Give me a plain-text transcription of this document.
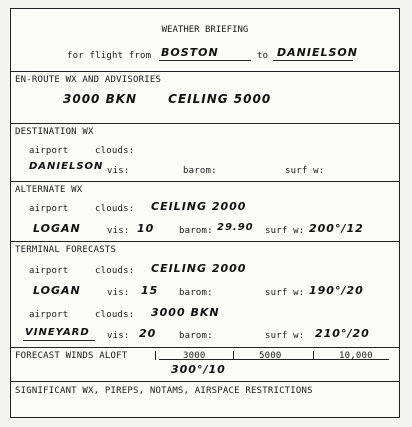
WEATHER BRIEFING
for flight from BOSTON	to DANIELSON
EN-ROUTE WX AND ADVISORIES
3000 BKN      CEILING 5000
DESTINATION WX
airport	clouds:
DANIELSON vis:	barom:	surf w:
ALTERNATE WX
airport	clouds: CEILING 2000
LOGAN	vis: 10	barom: 29.90 surf w: 200°/12
TERMINAL FORECASTS
airport	clouds: CEILING 2000
LOGAN	vis: 15 barom:	surf w: 190°/20
airport	clouds: 3000 BKN
VINEYARD vis: 20	barom:	surf w: 210°/20
FORECAST WINDS ALOFT	3000	5000	10,000
300°/10
SIGNIFICANT WX, PIREPS, NOTAMS, AIRSPACE RESTRICTIONS
